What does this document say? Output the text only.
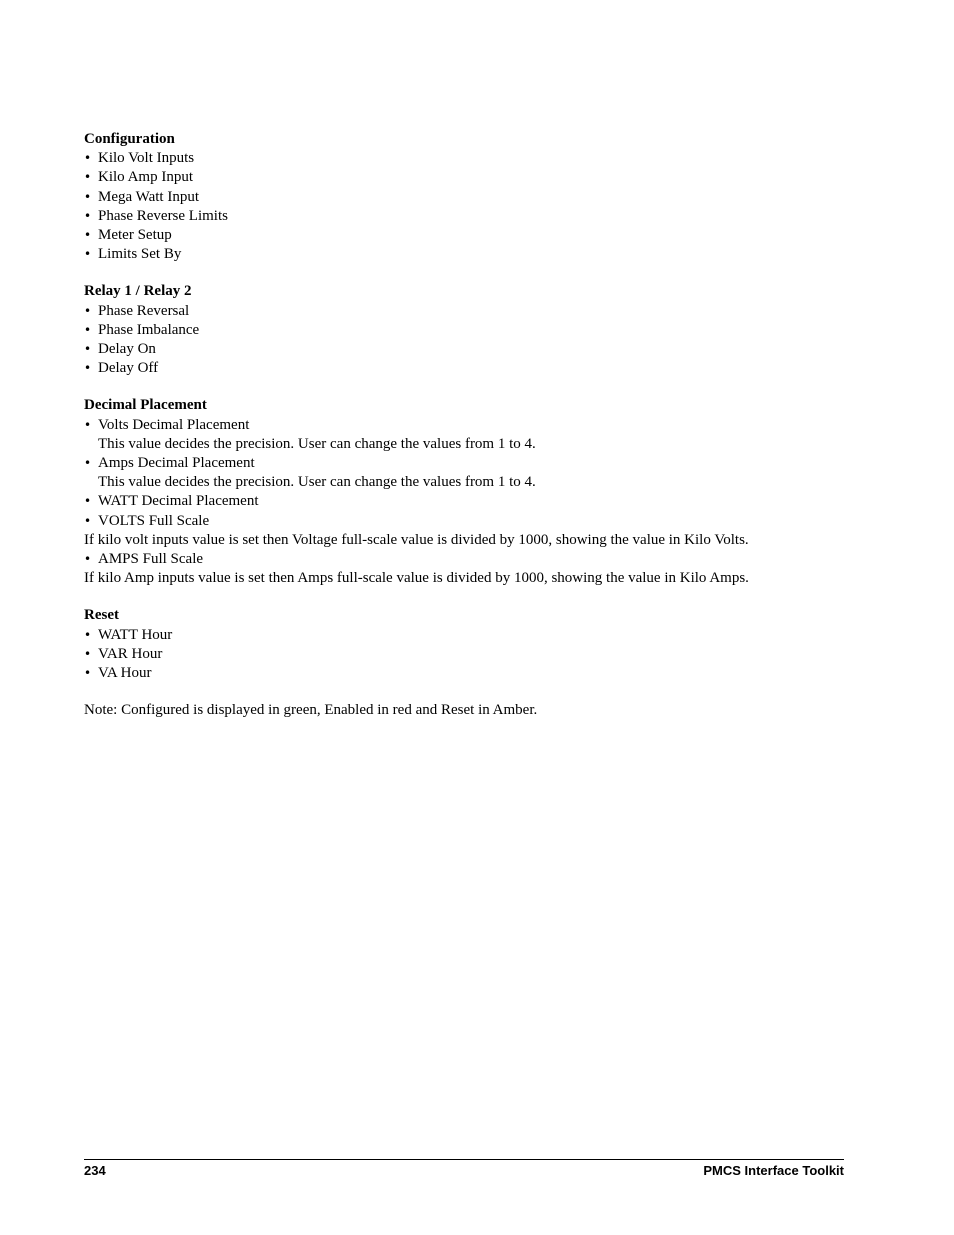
Configuration

•
Kilo Volt Inputs
•
Kilo Amp Input
•
Mega Watt Input
•
Phase Reverse Limits
•
Meter Setup
•
Limits Set By

Relay 1 / Relay 2

•
Phase Reversal
•
Phase Imbalance
•
Delay On
•
Delay Off

Decimal Placement

•
Volts Decimal Placement

This value decides the precision. User can change the values from 1 to 4.

•
Amps Decimal Placement

This value decides the precision. User can change the values from 1 to 4.

•
WATT Decimal Placement
•
VOLTS Full Scale

If kilo volt inputs value is set then Voltage full-scale value is divided by 1000, showing the value in Kilo Volts.

•
AMPS Full Scale

If kilo Amp inputs value is set then Amps full-scale value is divided by 1000, showing the value in Kilo Amps.

Reset

•
WATT Hour
•
VAR Hour
•
VA Hour

Note: Configured is displayed in green, Enabled in red and Reset in Amber.

234	PMCS Interface Toolkit
